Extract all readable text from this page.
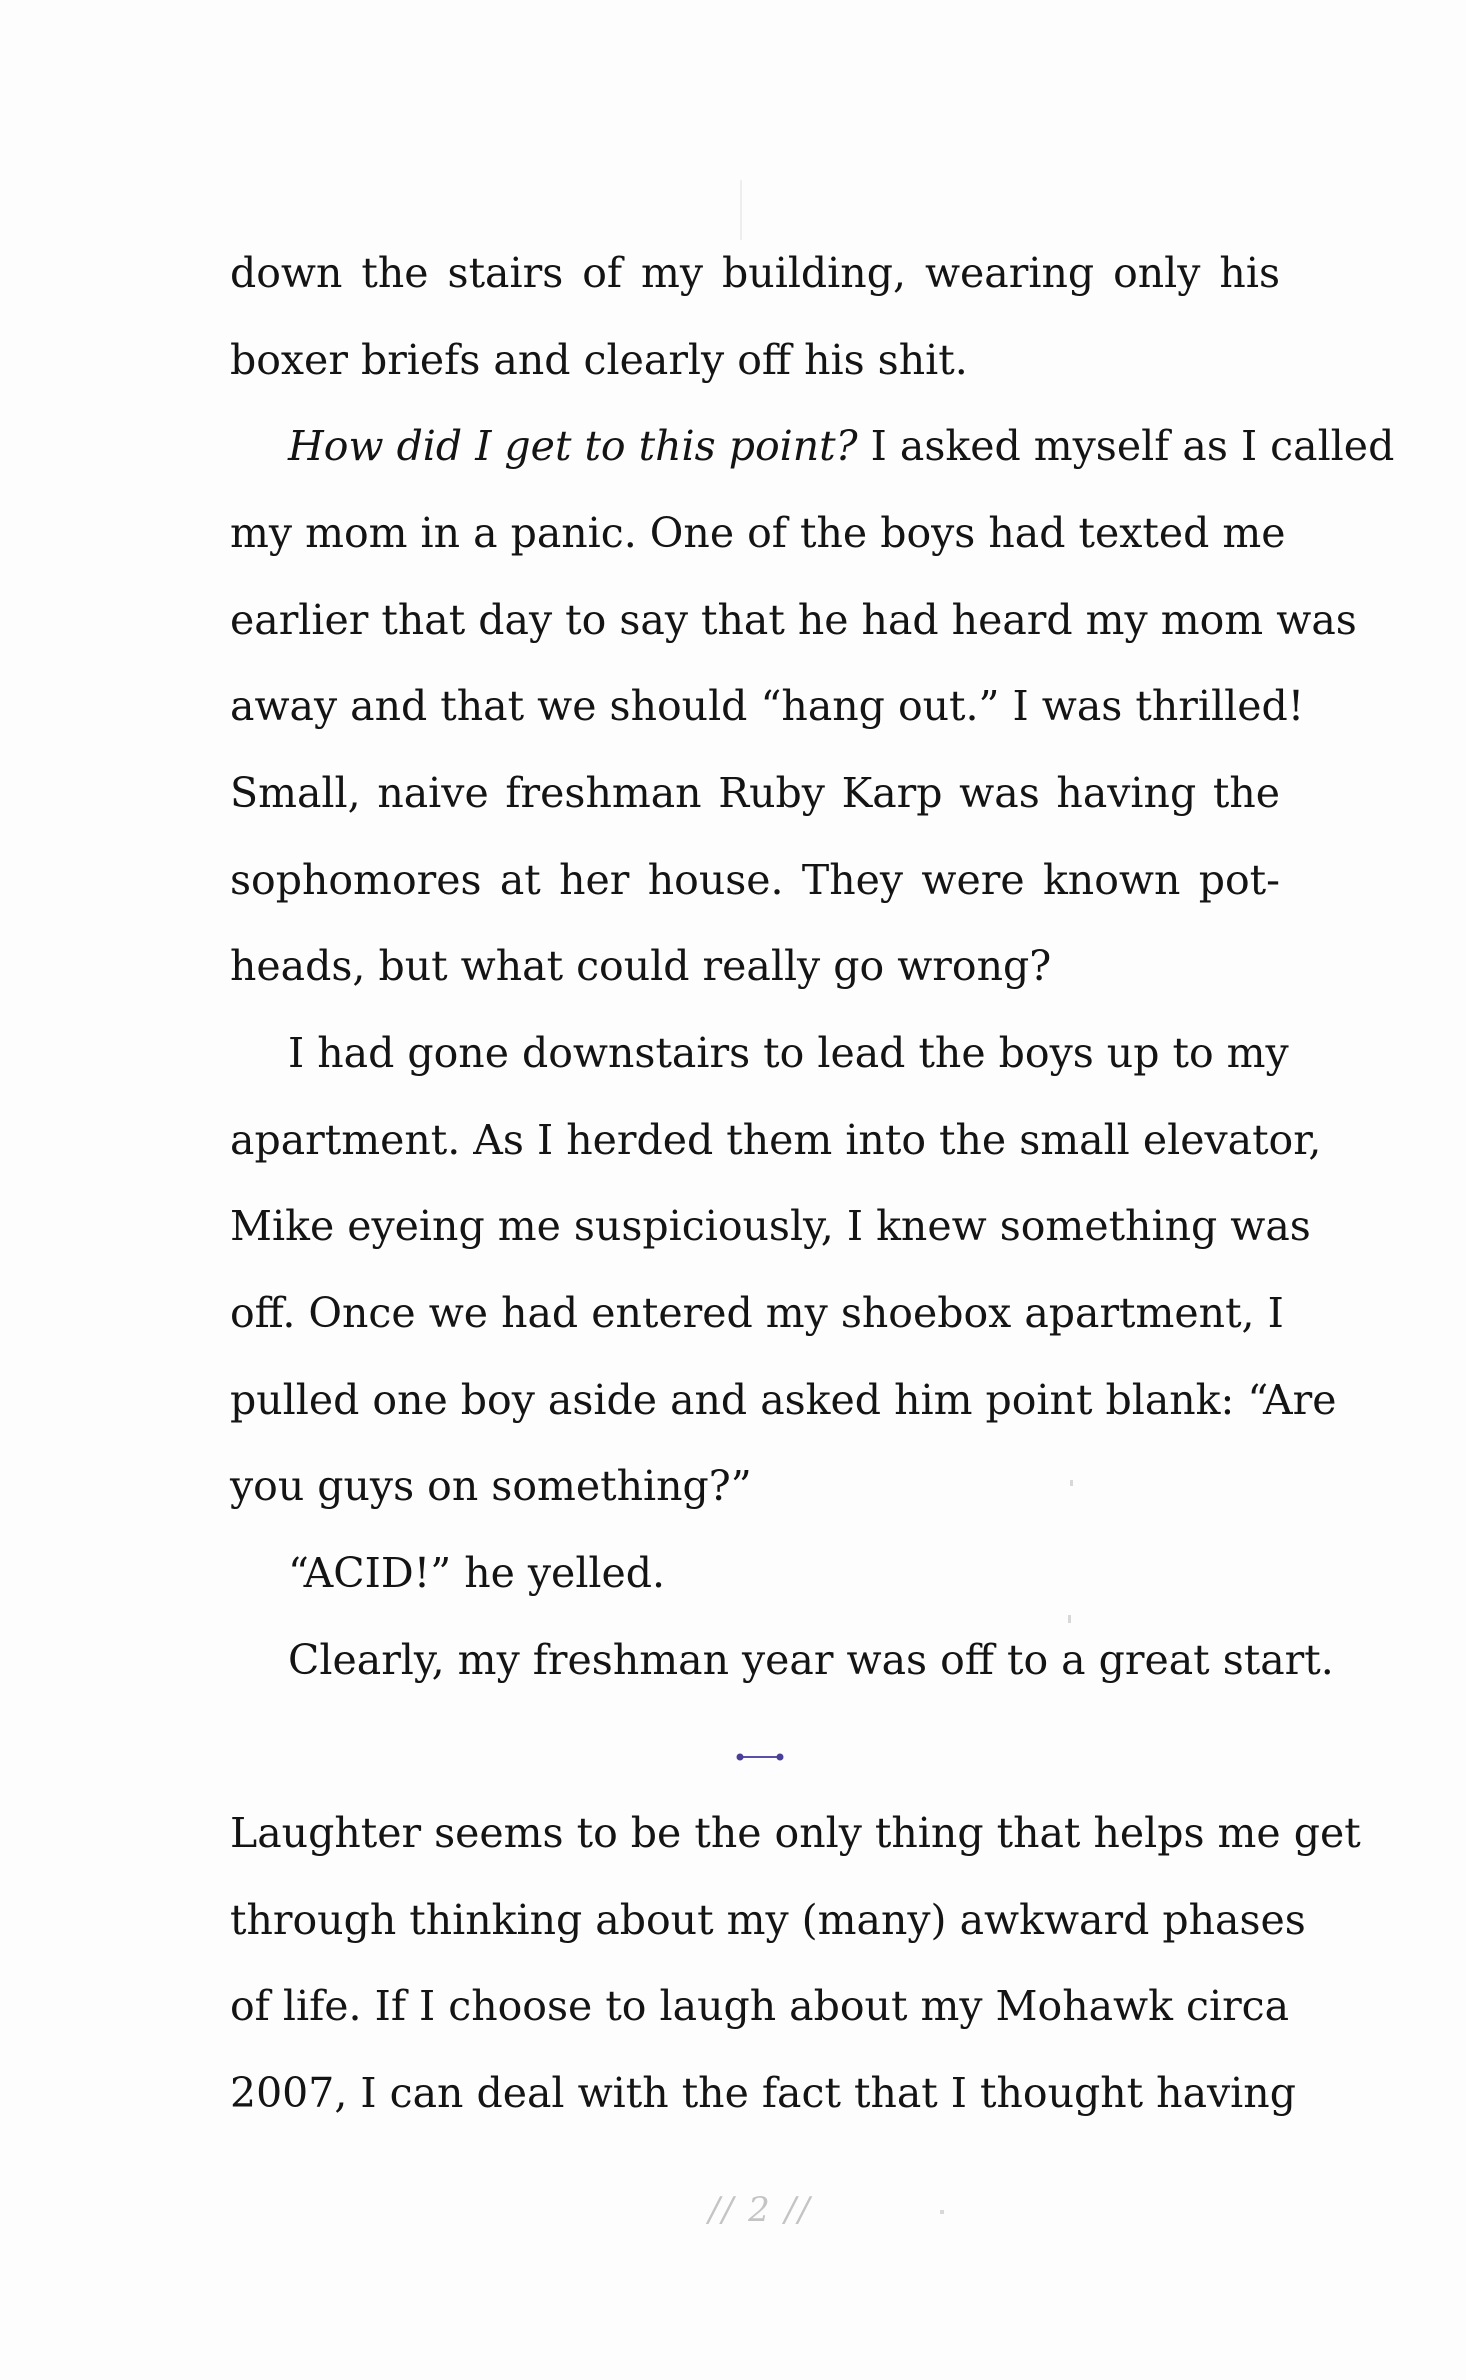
down the stairs of my building, wearing only his
boxer briefs and clearly off his shit.
How did I get to this point? I asked myself as I called
my mom in a panic. One of the boys had texted me
earlier that day to say that he had heard my mom was
away and that we should “hang out.” I was thrilled!
Small, naive freshman Ruby Karp was having the
sophomores at her house. They were known pot-
heads, but what could really go wrong?
I had gone downstairs to lead the boys up to my
apartment. As I herded them into the small elevator,
Mike eyeing me suspiciously, I knew something was
off. Once we had entered my shoebox apartment, I
pulled one boy aside and asked him point blank: “Are
you guys on something?”
“ACID!” he yelled.
Clearly, my freshman year was off to a great start.
Laughter seems to be the only thing that helps me get
through thinking about my (many) awkward phases
of life. If I choose to laugh about my Mohawk circa
2007, I can deal with the fact that I thought having
// 2 //
